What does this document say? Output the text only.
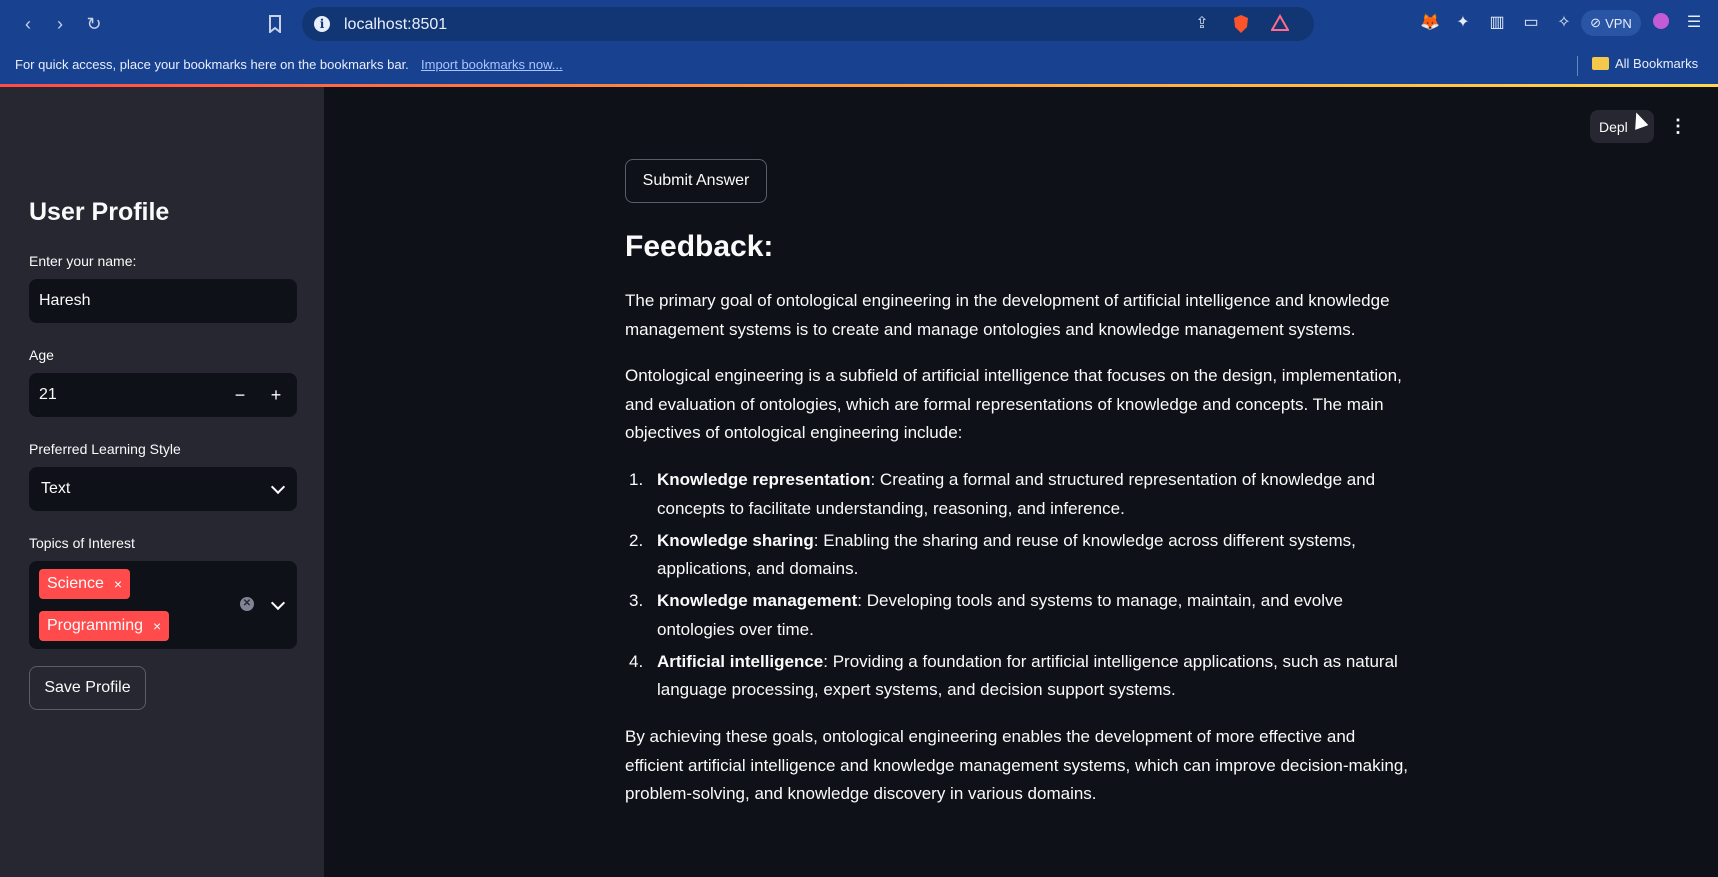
‹	›	↻	i	localhost:8501	⇪	🦊 ✦ ▥ ▭ ✧	⊘ VPN	☰
For quick access, place your bookmarks here on the bookmarks bar. Import bookmarks now...	All Bookmarks
User Profile
Enter your name:
Haresh
Age
21	−	+
Preferred Learning Style
Text
Topics of Interest
Science ×
Programming ×
✕
Save Profile
Depl	⋮
Submit Answer
Feedback:

The primary goal of ontological engineering in the development of artificial intelligence and knowledge management systems is to create and manage ontologies and knowledge management systems.

Ontological engineering is a subfield of artificial intelligence that focuses on the design, implementation, and evaluation of ontologies, which are formal representations of knowledge and concepts. The main objectives of ontological engineering include:

1. Knowledge representation: Creating a formal and structured representation of knowledge and concepts to facilitate understanding, reasoning, and inference.
2. Knowledge sharing: Enabling the sharing and reuse of knowledge across different systems, applications, and domains.
3. Knowledge management: Developing tools and systems to manage, maintain, and evolve ontologies over time.
4. Artificial intelligence: Providing a foundation for artificial intelligence applications, such as natural language processing, expert systems, and decision support systems.

By achieving these goals, ontological engineering enables the development of more effective and efficient artificial intelligence and knowledge management systems, which can improve decision-making, problem-solving, and knowledge discovery in various domains.
